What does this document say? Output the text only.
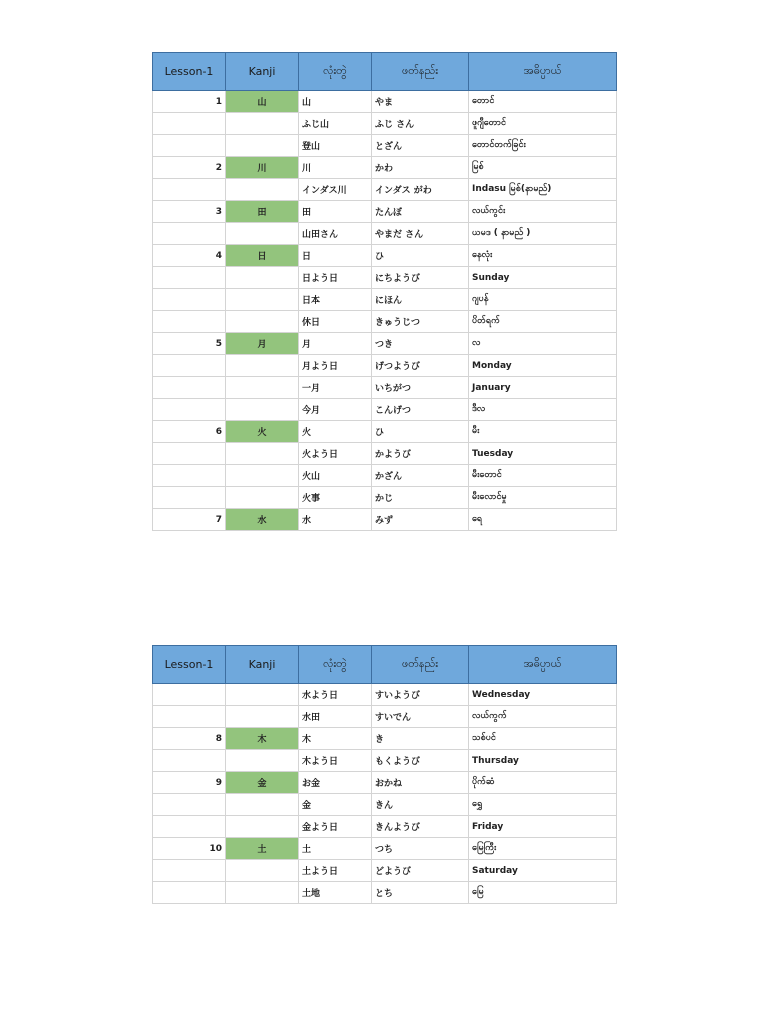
Lesson-1	Kanji	လုံးတွဲ	ဖတ်နည်း	အဓိပ္ပာယ်
1	山	山	やま	တောင်
		ふじ山	ふじ さん	ဖူဂျီတောင်
		登山	とざん	တောင်တက်ခြင်း
2	川	川	かわ	မြစ်
		インダス川	インダス がわ	Indasu မြစ်(နာမည်)
3	田	田	たんぼ	လယ်ကွင်း
		山田さん	やまだ さん	ယမဒ ( နာမည် )
4	日	日	ひ	နေလုံး
		日よう日	にちようび	Sunday
		日本	にほん	ဂျပန်
		休日	きゅうじつ	ပိတ်ရက်
5	月	月	つき	လ
		月よう日	げつようび	Monday
		一月	いちがつ	January
		今月	こんげつ	ဒီလ
6	火	火	ひ	မီး
		火よう日	かようび	Tuesday
		火山	かざん	မီးတောင်
		火事	かじ	မီးလောင်မှု
7	水	水	みず	ရေ
Lesson-1	Kanji	လုံးတွဲ	ဖတ်နည်း	အဓိပ္ပာယ်
		水よう日	すいようび	Wednesday
		水田	すいでん	လယ်ကွက်
8	木	木	き	သစ်ပင်
		木よう日	もくようび	Thursday
9	金	お金	おかね	ပိုက်ဆံ
		金	きん	ရွှေ
		金よう日	きんようび	Friday
10	土	土	つち	မြေကြီး
		土よう日	どようび	Saturday
		土地	とち	မြေ
